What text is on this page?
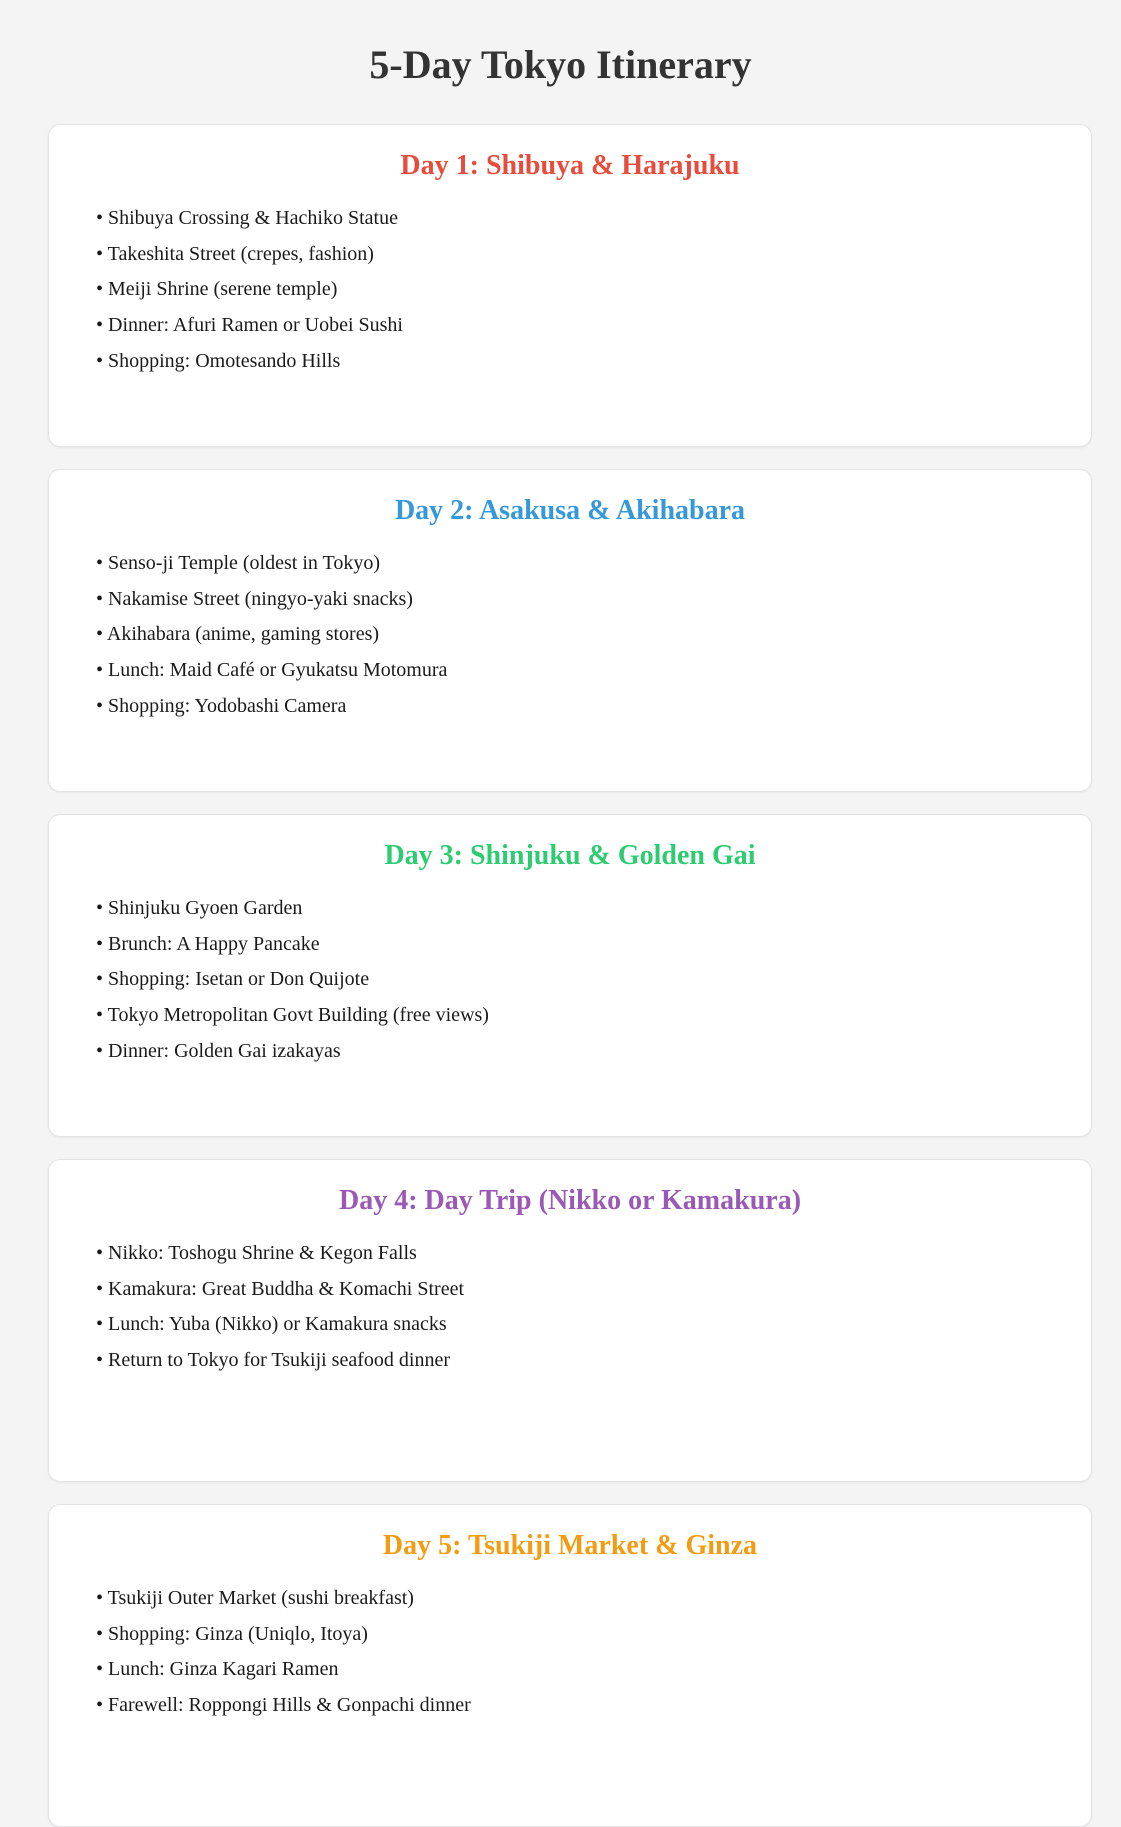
5-Day Tokyo Itinerary
Day 1: Shibuya & Harajuku

• Shibuya Crossing & Hachiko Statue

• Takeshita Street (crepes, fashion)

• Meiji Shrine (serene temple)

• Dinner: Afuri Ramen or Uobei Sushi

• Shopping: Omotesando Hills

Day 2: Asakusa & Akihabara

• Senso-ji Temple (oldest in Tokyo)

• Nakamise Street (ningyo-yaki snacks)

• Akihabara (anime, gaming stores)

• Lunch: Maid Café or Gyukatsu Motomura

• Shopping: Yodobashi Camera

Day 3: Shinjuku & Golden Gai

• Shinjuku Gyoen Garden

• Brunch: A Happy Pancake

• Shopping: Isetan or Don Quijote

• Tokyo Metropolitan Govt Building (free views)

• Dinner: Golden Gai izakayas

Day 4: Day Trip (Nikko or Kamakura)

• Nikko: Toshogu Shrine & Kegon Falls

• Kamakura: Great Buddha & Komachi Street

• Lunch: Yuba (Nikko) or Kamakura snacks

• Return to Tokyo for Tsukiji seafood dinner

Day 5: Tsukiji Market & Ginza

• Tsukiji Outer Market (sushi breakfast)

• Shopping: Ginza (Uniqlo, Itoya)

• Lunch: Ginza Kagari Ramen

• Farewell: Roppongi Hills & Gonpachi dinner
